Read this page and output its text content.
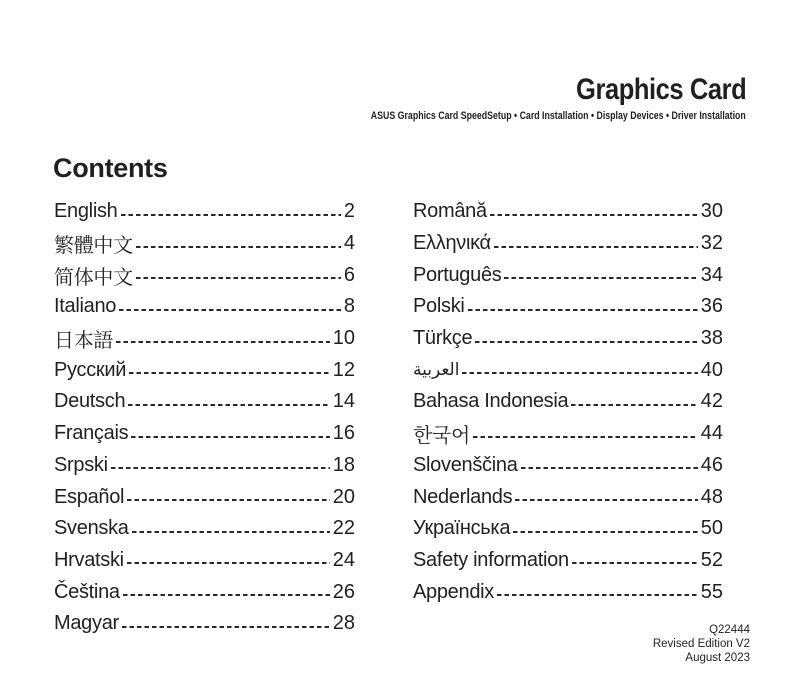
Graphics Card
ASUS Graphics Card SpeedSetup • Card Installation • Display Devices • Driver Installation
Contents
English	2
繁體中文	4
简体中文	6
Italiano	8
日本語	10
Русский	12
Deutsch	14
Français	16
Srpski	18
Español	20
Svenska	22
Hrvatski	24
Čeština	26
Magyar	28
Română	30
Ελληνικά	32
Português	34
Polski	36
Türkçe	38
العربية	40
Bahasa Indonesia	42
한국어	44
Slovenščina	46
Nederlands	48
Українська	50
Safety information	52
Appendix	55
Q22444
Revised Edition V2
August 2023
